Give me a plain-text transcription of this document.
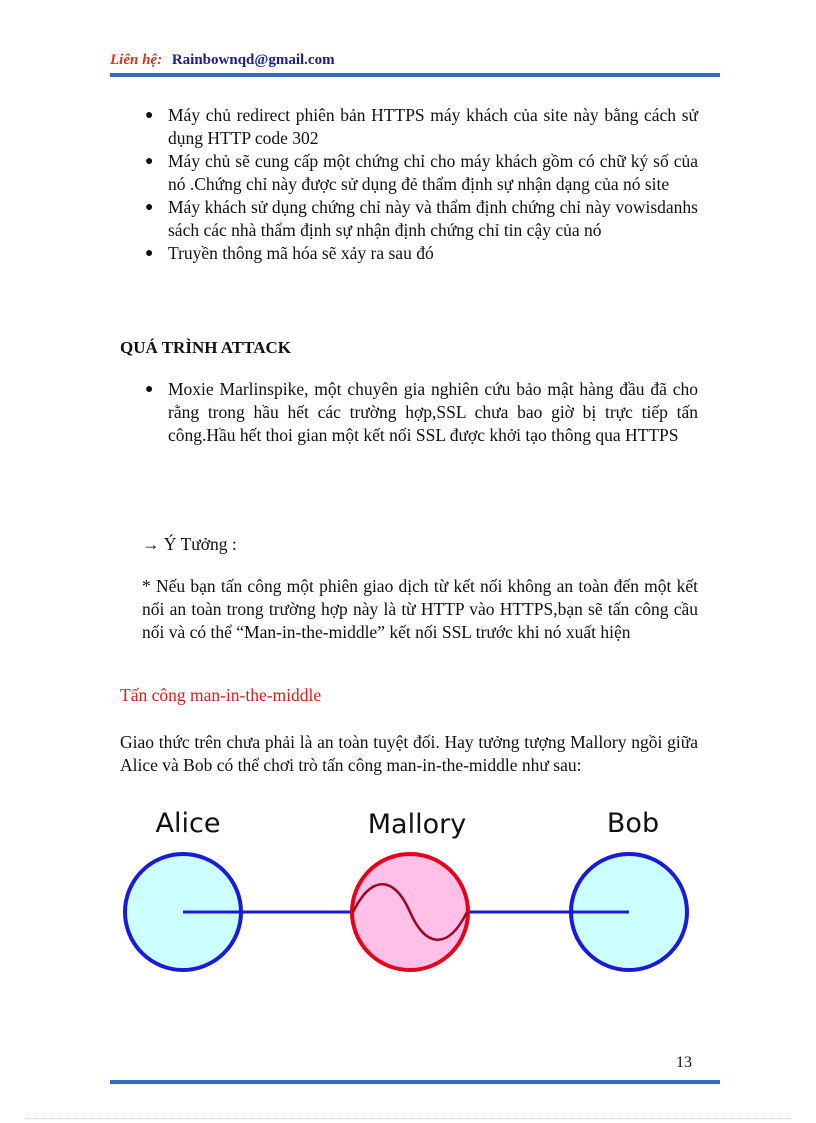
Liên hệ: Rainbownqd@gmail.com
● Máy chủ redirect phiên bản HTTPS máy khách của site này bằng cách sử dụng HTTP code 302
● Máy chủ sẽ cung cấp một chứng chỉ cho máy khách gồm có chữ ký số của nó .Chứng chỉ này được sử dụng đẻ thẩm định sự nhận dạng của nó site
● Máy khách sử dụng chứng chỉ này và thẩm định chứng chỉ này vowisdanhs sách các nhà thẩm định sự nhận định chứng chỉ tin cậy của nó
● Truyền thông mã hóa sẽ xảy ra sau đó
QUÁ TRÌNH ATTACK
● Moxie Marlinspike, một chuyên gia nghiên cứu bảo mật hàng đầu đã cho rằng trong hầu hết các trường hợp,SSL chưa bao giờ bị trực tiếp tấn công.Hầu hết thoi gian một kết nối SSL được khởi tạo thông qua HTTPS
→ Ý Tưởng :
* Nếu bạn tấn công một phiên giao dịch từ kết nối không an toàn đến một kết nối an toàn trong trường hợp này là từ HTTP vào HTTPS,bạn sẽ tấn công cầu nối và có thể “Man-in-the-middle” kết nối SSL trước khi nó xuất hiện
Tấn công man-in-the-middle

Giao thức trên chưa phải là an toàn tuyệt đối. Hay tưởng tượng Mallory ngồi giữa Alice và Bob có thể chơi trò tấn công man-in-the-middle như sau:

Alice	Mallory	Bob
13
